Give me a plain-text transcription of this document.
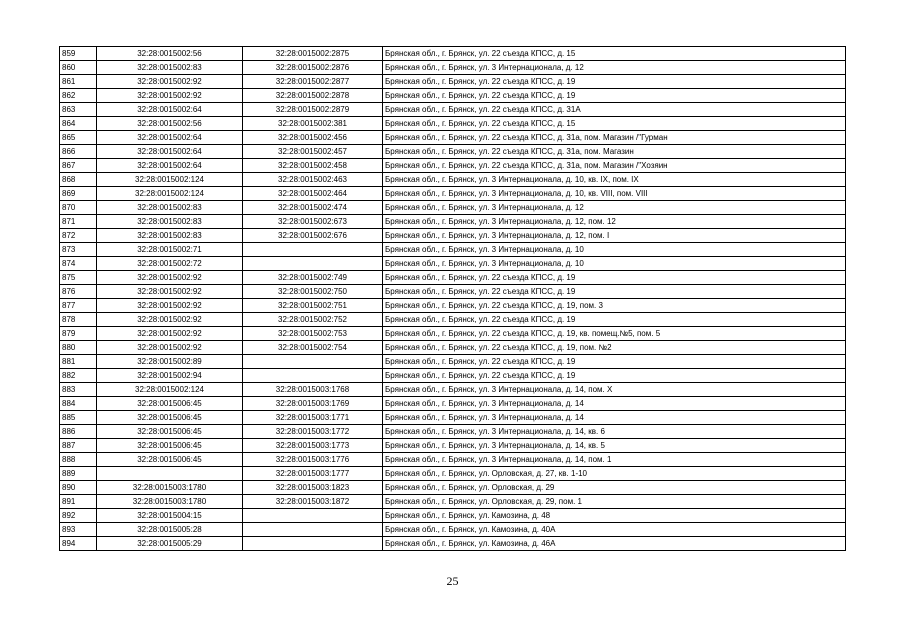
859	32:28:0015002:56	32:28:0015002:2875	Брянская обл., г. Брянск, ул. 22 съезда КПСС, д. 15
860	32:28:0015002:83	32:28:0015002:2876	Брянская обл., г. Брянск, ул. 3 Интернационала, д. 12
861	32:28:0015002:92	32:28:0015002:2877	Брянская обл., г. Брянск, ул. 22 съезда КПСС, д. 19
862	32:28:0015002:92	32:28:0015002:2878	Брянская обл., г. Брянск, ул. 22 съезда КПСС, д. 19
863	32:28:0015002:64	32:28:0015002:2879	Брянская обл., г. Брянск, ул. 22 съезда КПСС, д. 31А
864	32:28:0015002:56	32:28:0015002:381	Брянская обл., г. Брянск, ул. 22 съезда КПСС, д. 15
865	32:28:0015002:64	32:28:0015002:456	Брянская обл., г. Брянск, ул. 22 съезда КПСС, д. 31а, пом. Магазин /"Гурман
866	32:28:0015002:64	32:28:0015002:457	Брянская обл., г. Брянск, ул. 22 съезда КПСС, д. 31а, пом. Магазин
867	32:28:0015002:64	32:28:0015002:458	Брянская обл., г. Брянск, ул. 22 съезда КПСС, д. 31а, пом. Магазин /"Хозяин
868	32:28:0015002:124	32:28:0015002:463	Брянская обл., г. Брянск, ул. 3 Интернационала, д. 10, кв. IX, пом. IX
869	32:28:0015002:124	32:28:0015002:464	Брянская обл., г. Брянск, ул. 3 Интернационала, д. 10, кв. VIII, пом. VIII
870	32:28:0015002:83	32:28:0015002:474	Брянская обл., г. Брянск, ул. 3 Интернационала, д. 12
871	32:28:0015002:83	32:28:0015002:673	Брянская обл., г. Брянск, ул. 3 Интернационала, д. 12, пом. 12
872	32:28:0015002:83	32:28:0015002:676	Брянская обл., г. Брянск, ул. 3 Интернационала, д. 12, пом. I
873	32:28:0015002:71		Брянская обл., г. Брянск, ул. 3 Интернационала, д. 10
874	32:28:0015002:72		Брянская обл., г. Брянск, ул. 3 Интернационала, д. 10
875	32:28:0015002:92	32:28:0015002:749	Брянская обл., г. Брянск, ул. 22 съезда КПСС, д. 19
876	32:28:0015002:92	32:28:0015002:750	Брянская обл., г. Брянск, ул. 22 съезда КПСС, д. 19
877	32:28:0015002:92	32:28:0015002:751	Брянская обл., г. Брянск, ул. 22 съезда КПСС, д. 19, пом. 3
878	32:28:0015002:92	32:28:0015002:752	Брянская обл., г. Брянск, ул. 22 съезда КПСС, д. 19
879	32:28:0015002:92	32:28:0015002:753	Брянская обл., г. Брянск, ул. 22 съезда КПСС, д. 19, кв. помещ.№5, пом. 5
880	32:28:0015002:92	32:28:0015002:754	Брянская обл., г. Брянск, ул. 22 съезда КПСС, д. 19, пом. №2
881	32:28:0015002:89		Брянская обл., г. Брянск, ул. 22 съезда КПСС, д. 19
882	32:28:0015002:94		Брянская обл., г. Брянск, ул. 22 съезда КПСС, д. 19
883	32:28:0015002:124	32:28:0015003:1768	Брянская обл., г. Брянск, ул. 3 Интернационала, д. 14, пом. X
884	32:28:0015006:45	32:28:0015003:1769	Брянская обл., г. Брянск, ул. 3 Интернационала, д. 14
885	32:28:0015006:45	32:28:0015003:1771	Брянская обл., г. Брянск, ул. 3 Интернационала, д. 14
886	32:28:0015006:45	32:28:0015003:1772	Брянская обл., г. Брянск, ул. 3 Интернационала, д. 14, кв. 6
887	32:28:0015006:45	32:28:0015003:1773	Брянская обл., г. Брянск, ул. 3 Интернационала, д. 14, кв. 5
888	32:28:0015006:45	32:28:0015003:1776	Брянская обл., г. Брянск, ул. 3 Интернационала, д. 14, пом. 1
889		32:28:0015003:1777	Брянская обл., г. Брянск, ул. Орловская, д. 27, кв. 1-10
890	32:28:0015003:1780	32:28:0015003:1823	Брянская обл., г. Брянск, ул. Орловская, д. 29
891	32:28:0015003:1780	32:28:0015003:1872	Брянская обл., г. Брянск, ул. Орловская, д. 29, пом. 1
892	32:28:0015004:15		Брянская обл., г. Брянск, ул. Камозина, д. 48
893	32:28:0015005:28		Брянская обл., г. Брянск, ул. Камозина, д. 40А
894	32:28:0015005:29		Брянская обл., г. Брянск, ул. Камозина, д. 46А
25
